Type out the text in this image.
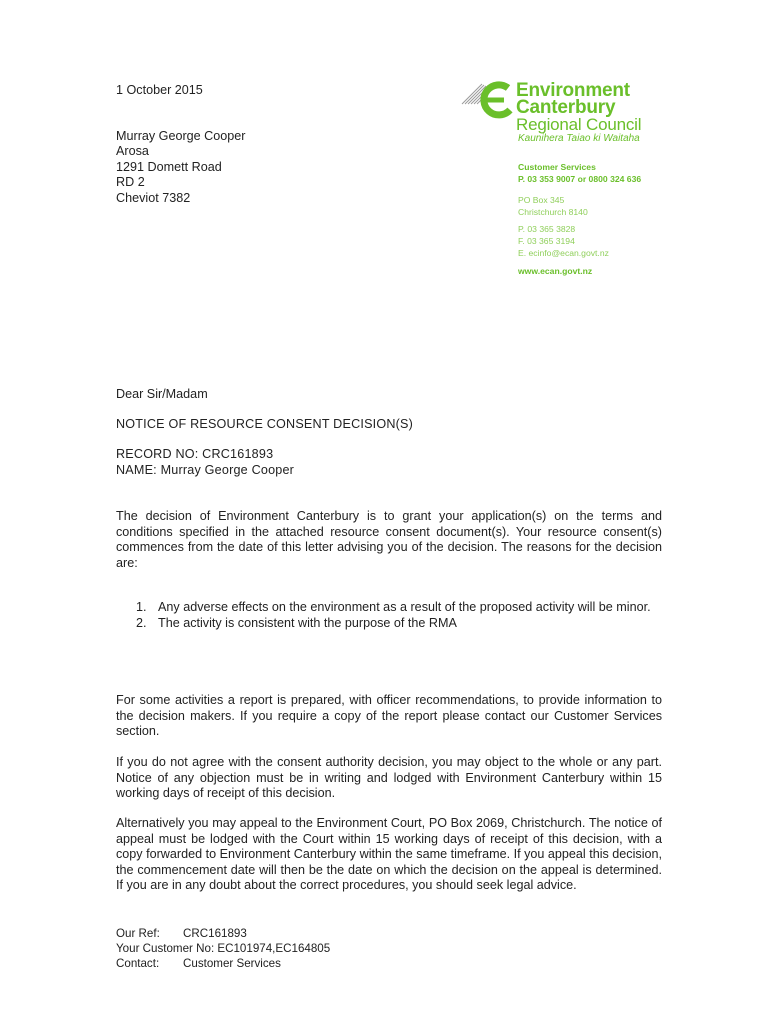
1 October 2015
Murray George Cooper
Arosa
1291 Domett Road
RD 2
Cheviot 7382
Environment
Canterbury
Regional Council
Kaunihera Taiao ki Waitaha
Customer Services
P. 03 353 9007 or 0800 324 636
PO Box 345
Christchurch 8140
P. 03 365 3828
F. 03 365 3194
E. ecinfo@ecan.govt.nz
www.ecan.govt.nz
Dear Sir/Madam
NOTICE OF RESOURCE CONSENT DECISION(S)
RECORD NO: CRC161893
NAME: Murray George Cooper
The decision of Environment Canterbury is to grant your application(s) on the terms and conditions specified in the attached resource consent document(s). Your resource consent(s) commences from the date of this letter advising you of the decision. The reasons for the decision are:
1. Any adverse effects on the environment as a result of the proposed activity will be minor.
2. The activity is consistent with the purpose of the RMA
For some activities a report is prepared, with officer recommendations, to provide information to the decision makers. If you require a copy of the report please contact our Customer Services section.
If you do not agree with the consent authority decision, you may object to the whole or any part. Notice of any objection must be in writing and lodged with Environment Canterbury within 15 working days of receipt of this decision.
Alternatively you may appeal to the Environment Court, PO Box 2069, Christchurch. The notice of appeal must be lodged with the Court within 15 working days of receipt of this decision, with a copy forwarded to Environment Canterbury within the same timeframe. If you appeal this decision, the commencement date will then be the date on which the decision on the appeal is determined. If you are in any doubt about the correct procedures, you should seek legal advice.
Our Ref: CRC161893
Your Customer No: EC101974,EC164805
Contact: Customer Services
